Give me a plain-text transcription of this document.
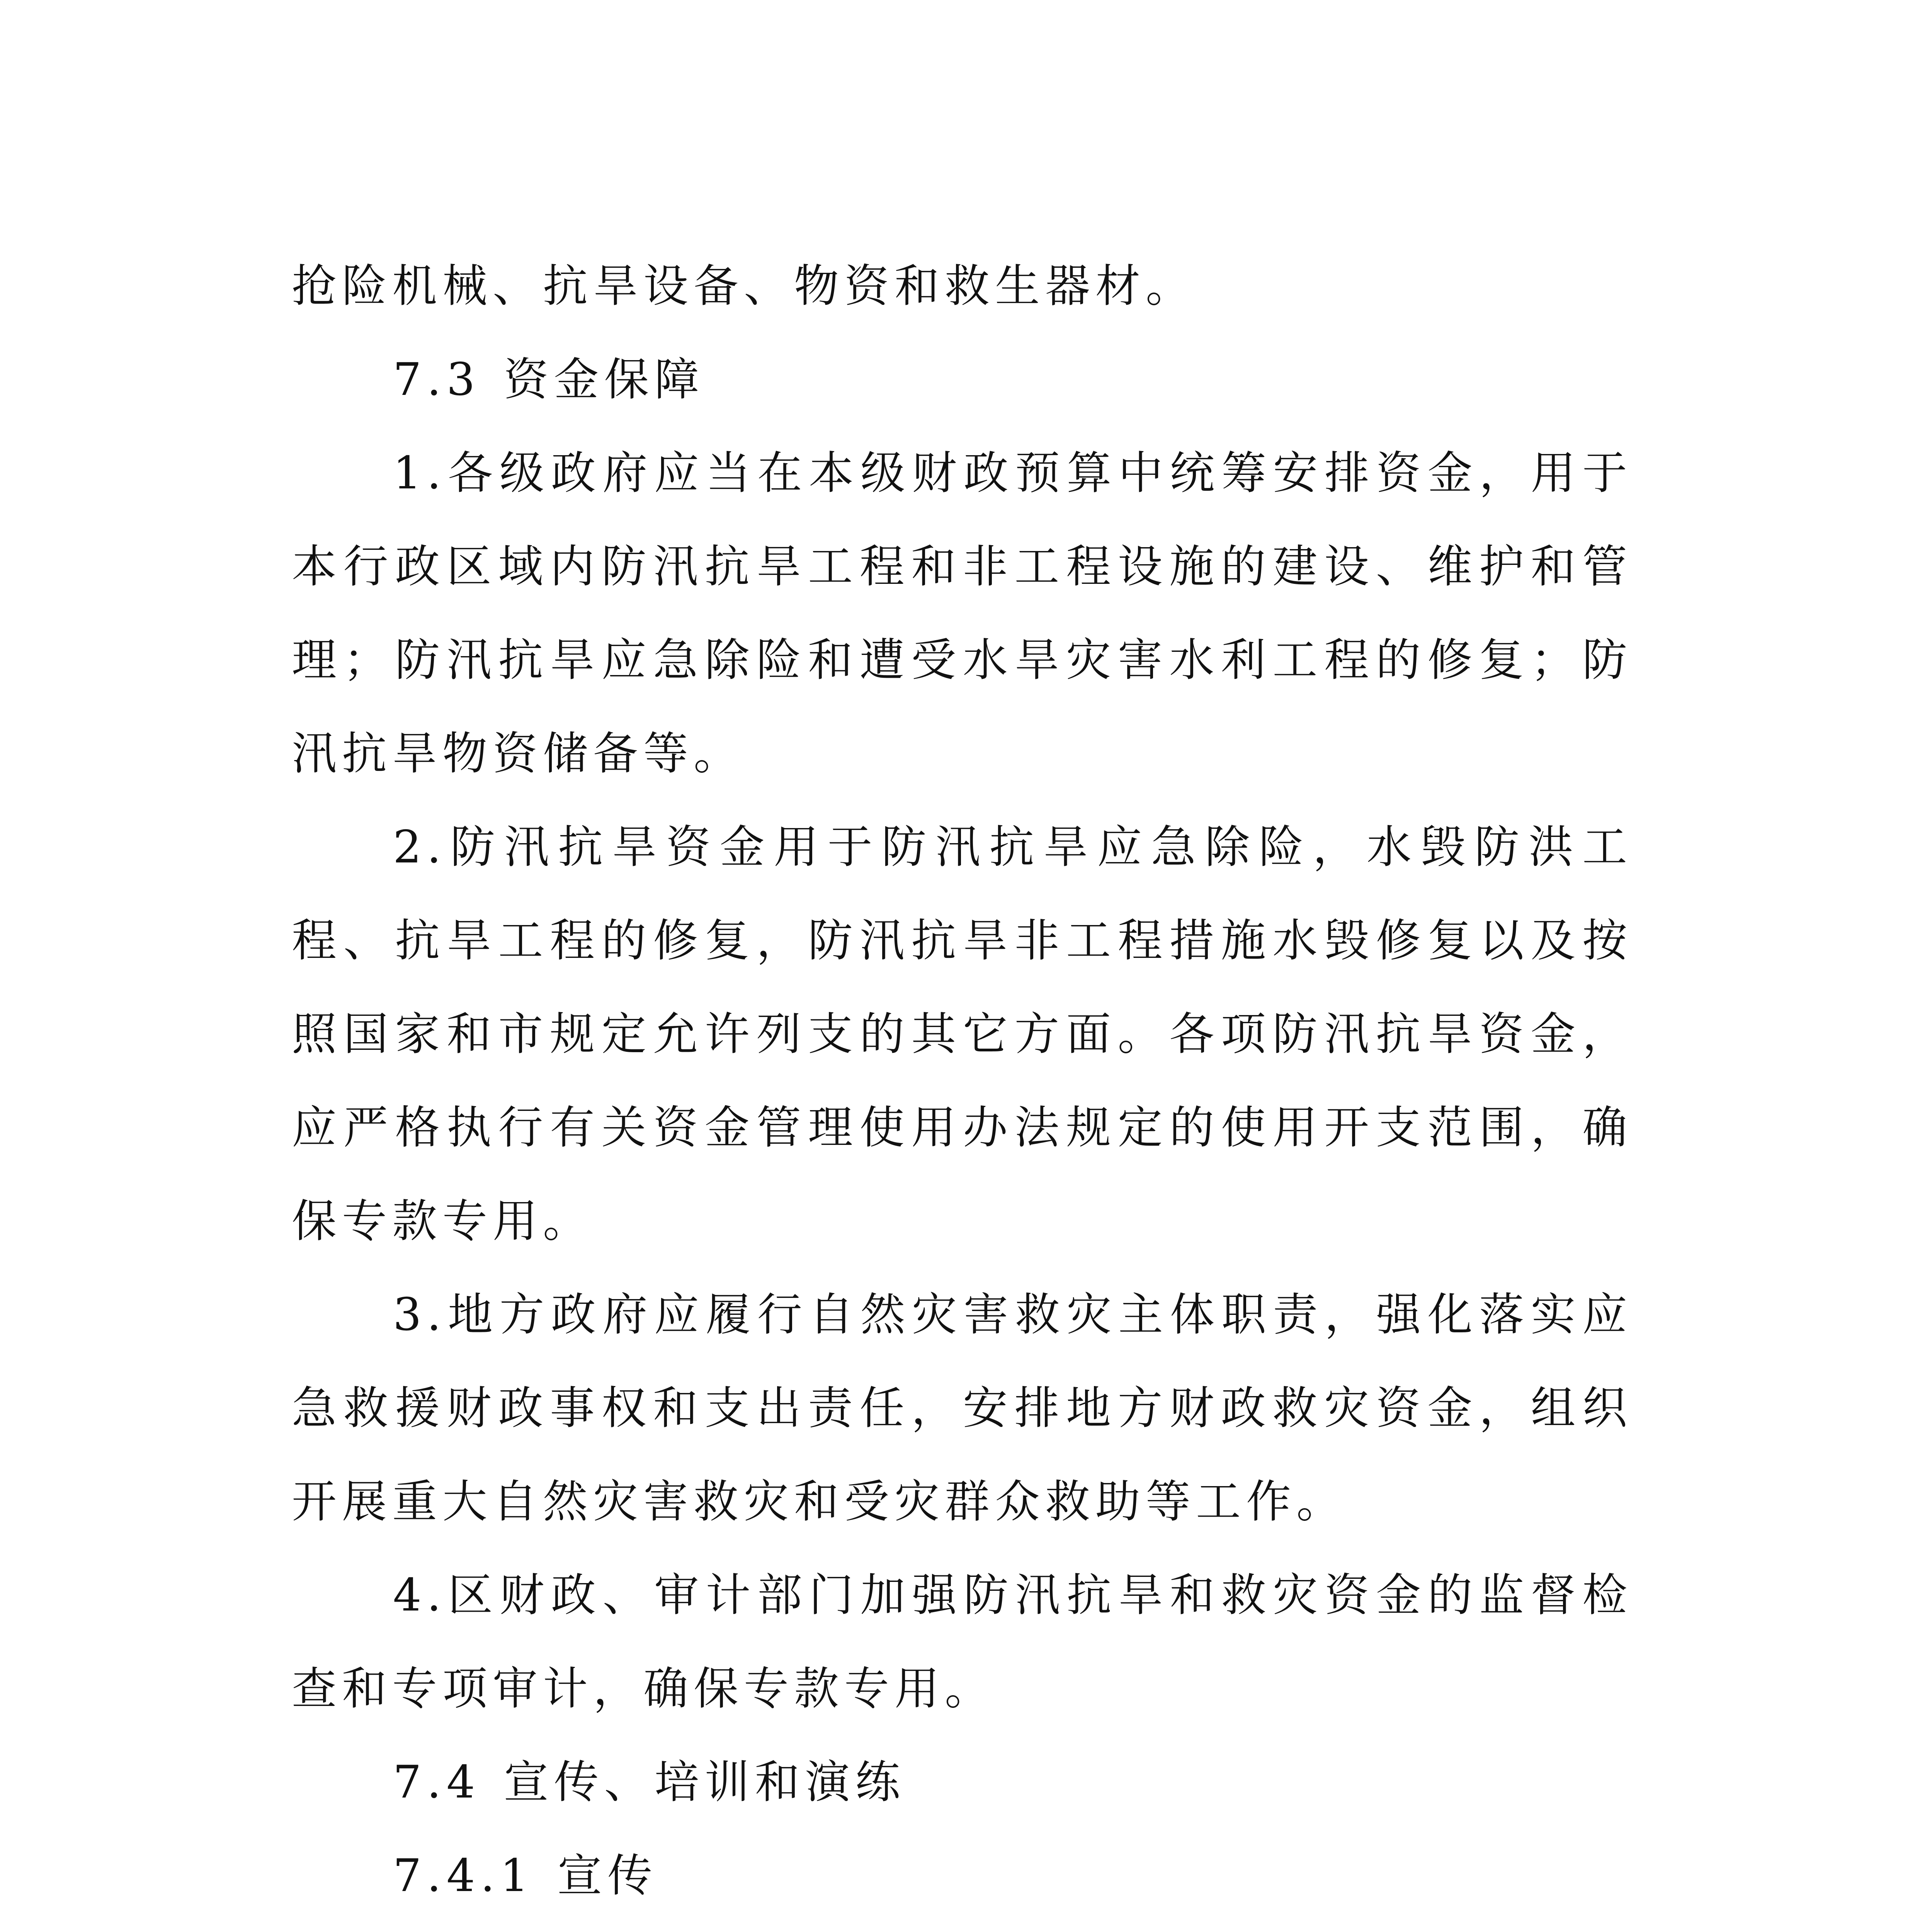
抢险机械、抗旱设备、物资和救生器材。

7.3 资金保障

1.各级政府应当在本级财政预算中统筹安排资金，用于本行政区域内防汛抗旱工程和非工程设施的建设、维护和管理；防汛抗旱应急除险和遭受水旱灾害水利工程的修复；防汛抗旱物资储备等。

2.防汛抗旱资金用于防汛抗旱应急除险，水毁防洪工程、抗旱工程的修复，防汛抗旱非工程措施水毁修复以及按照国家和市规定允许列支的其它方面。各项防汛抗旱资金，应严格执行有关资金管理使用办法规定的使用开支范围，确保专款专用。

3.地方政府应履行自然灾害救灾主体职责，强化落实应急救援财政事权和支出责任，安排地方财政救灾资金，组织开展重大自然灾害救灾和受灾群众救助等工作。

4.区财政、审计部门加强防汛抗旱和救灾资金的监督检查和专项审计，确保专款专用。

7.4 宣传、培训和演练

7.4.1 宣传
